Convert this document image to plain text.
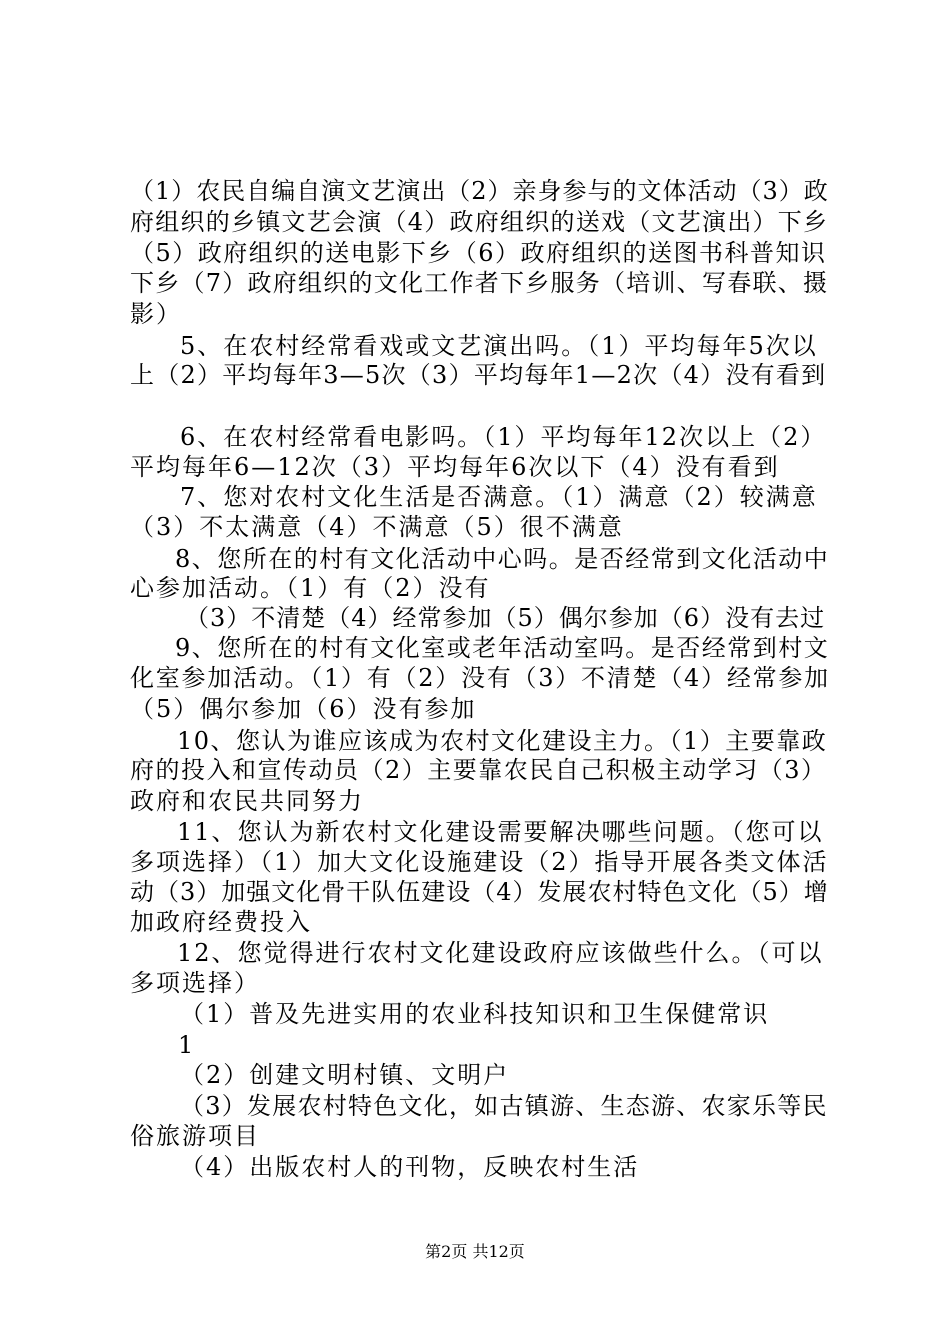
（1）农民自编自演文艺演出（2）亲身参与的文体活动（3）政
府组织的乡镇文艺会演（4）政府组织的送戏（文艺演出）下乡
（5）政府组织的送电影下乡（6）政府组织的送图书科普知识
下乡（7）政府组织的文化工作者下乡服务（培训、写春联、摄
影）
5、在农村经常看戏或文艺演出吗。（1）平均每年5次以
上（2）平均每年3—5次（3）平均每年1—2次（4）没有看到
6、在农村经常看电影吗。（1）平均每年12次以上（2）
平均每年6—12次（3）平均每年6次以下（4）没有看到
7、您对农村文化生活是否满意。（1）满意（2）较满意
（3）不太满意（4）不满意（5）很不满意
8、您所在的村有文化活动中心吗。是否经常到文化活动中
心参加活动。（1）有（2）没有
（3）不清楚（4）经常参加（5）偶尔参加（6）没有去过
9、您所在的村有文化室或老年活动室吗。是否经常到村文
化室参加活动。（1）有（2）没有（3）不清楚（4）经常参加
（5）偶尔参加（6）没有参加
10、您认为谁应该成为农村文化建设主力。（1）主要靠政
府的投入和宣传动员（2）主要靠农民自己积极主动学习（3）
政府和农民共同努力
11、您认为新农村文化建设需要解决哪些问题。（您可以
多项选择）（1）加大文化设施建设（2）指导开展各类文体活
动（3）加强文化骨干队伍建设（4）发展农村特色文化（5）增
加政府经费投入
12、您觉得进行农村文化建设政府应该做些什么。（可以
多项选择）
（1）普及先进实用的农业科技知识和卫生保健常识
1
（2）创建文明村镇、文明户
（3）发展农村特色文化，如古镇游、生态游、农家乐等民
俗旅游项目
（4）出版农村人的刊物，反映农村生活
第2页 共12页
